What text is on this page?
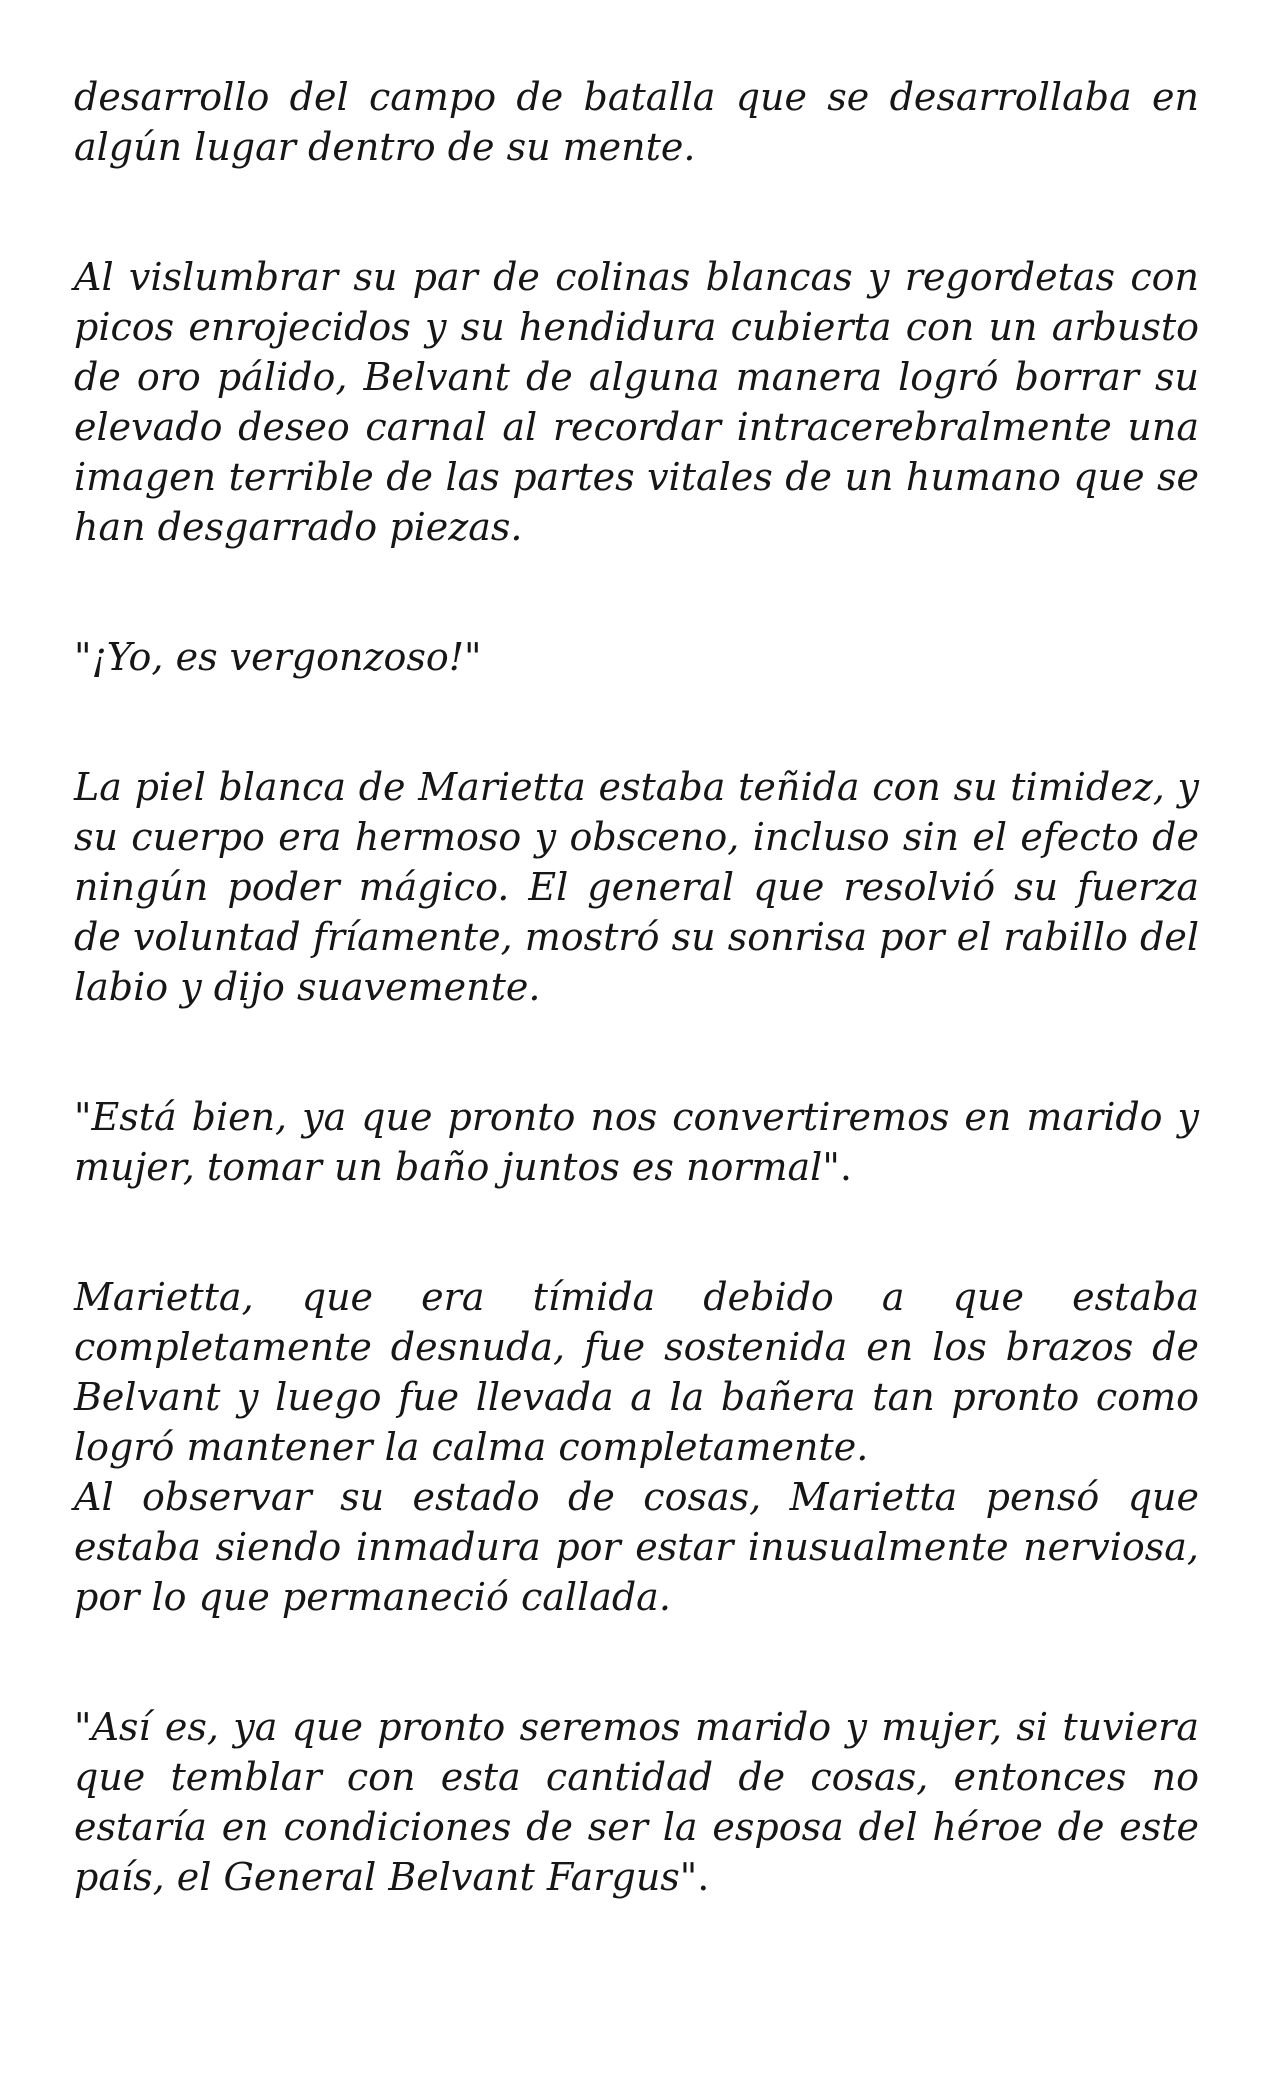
desarrollo del campo de batalla que se desarrollaba en algún lugar dentro de su mente.

Al vislumbrar su par de colinas blancas y regordetas con picos enrojecidos y su hendidura cubierta con un arbusto de oro pálido, Belvant de alguna manera logró borrar su elevado deseo carnal al recordar intracerebralmente una imagen terrible de las partes vitales de un humano que se han desgarrado piezas.

"¡Yo, es vergonzoso!"

La piel blanca de Marietta estaba teñida con su timidez, y su cuerpo era hermoso y obsceno, incluso sin el efecto de ningún poder mágico. El general que resolvió su fuerza de voluntad fríamente, mostró su sonrisa por el rabillo del labio y dijo suavemente.

"Está bien, ya que pronto nos convertiremos en marido y mujer, tomar un baño juntos es normal".

Marietta, que era tímida debido a que estaba completamente desnuda, fue sostenida en los brazos de Belvant y luego fue llevada a la bañera tan pronto como logró mantener la calma completamente.

Al observar su estado de cosas, Marietta pensó que estaba siendo inmadura por estar inusualmente nerviosa, por lo que permaneció callada.

"Así es, ya que pronto seremos marido y mujer, si tuviera que temblar con esta cantidad de cosas, entonces no estaría en condiciones de ser la esposa del héroe de este país, el General Belvant Fargus".
